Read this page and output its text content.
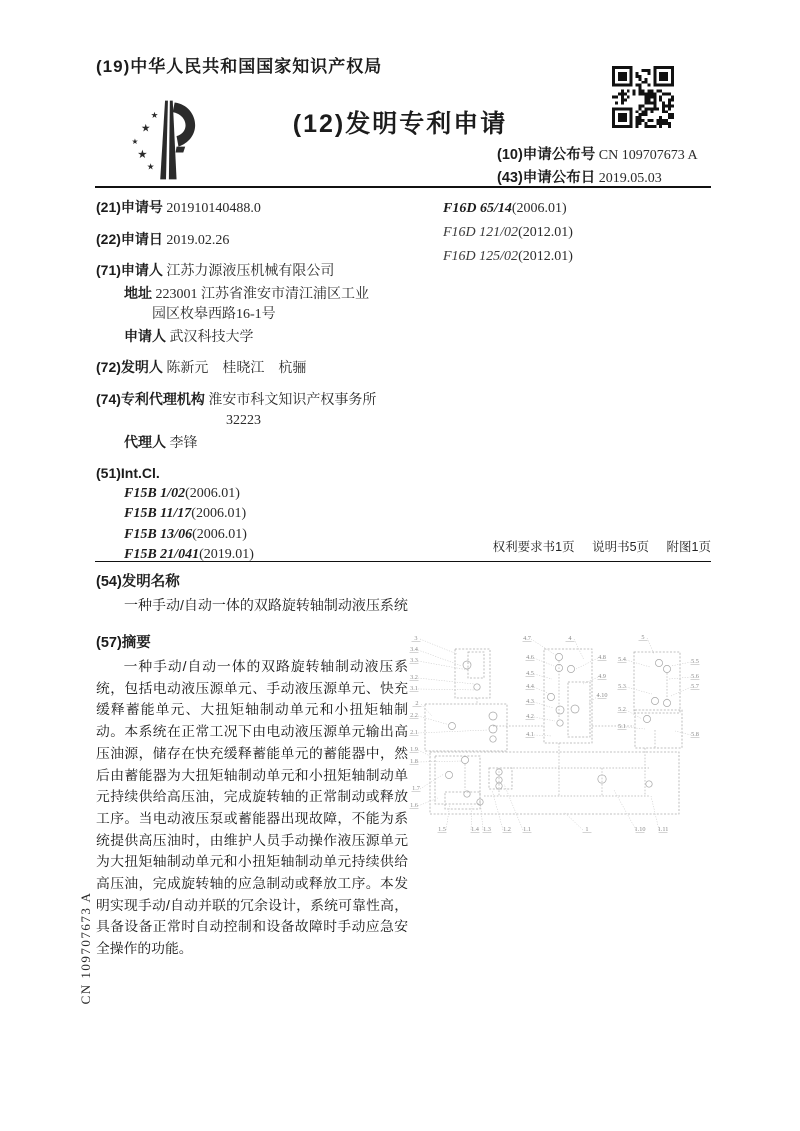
(19)中华人民共和国国家知识产权局
★
★
★
★
★
(12)发明专利申请
(10)申请公布号 CN 109707673 A
(43)申请公布日 2019.05.03
(21)申请号 201910140488.0
(22)申请日 2019.02.26
(71)申请人 江苏力源液压机械有限公司
地址 223001 江苏省淮安市清江浦区工业
园区枚皋西路16-1号
申请人 武汉科技大学
(72)发明人 陈新元　桂晓江　杭骊
(74)专利代理机构 淮安市科文知识产权事务所
32223
代理人 李锋
(51)Int.Cl.
F15B 1/02(2006.01)
F15B 11/17(2006.01)
F15B 13/06(2006.01)
F15B 21/041(2019.01)
F16D 65/14(2006.01)
F16D 121/02(2012.01)
F16D 125/02(2012.01)
权利要求书1页 说明书5页 附图1页
(54)发明名称
一种手动/自动一体的双路旋转轴制动液压系统
(57)摘要
一种手动/自动一体的双路旋转轴制动液压系统，包括电动液压源单元、手动液压源单元、快充缓释蓄能单元、大扭矩轴制动单元和小扭矩轴制动。本系统在正常工况下由电动液压源单元输出高压油源，储存在快充缓释蓄能单元的蓄能器中，然后由蓄能器为大扭矩轴制动单元和小扭矩轴制动单元持续供给高压油，完成旋转轴的正常制动或释放工序。当电动液压泵或蓄能器出现故障，不能为系统提供高压油时，由维护人员手动操作液压源单元为大扭矩轴制动单元和小扭矩轴制动单元持续供给高压油，完成旋转轴的应急制动或释放工序。本发明实现手动/自动并联的冗余设计，系统可靠性高，具备设备正常时自动控制和设备故障时手动应急安全操作的功能。
3
3.4
3.3
3.2
3.1
2
2.2
2.1
1.9
1.8
1.7
1.6
4.7	4	5
4.6
4.5
4.4
4.3
4.2
4.1
4.8
4.9
4.10
5.4
5.3
5.2
5.1
5.5
5.6
5.7
5.8
1.5	1.4 1.3 1.2 1.1	1	1.10 1.11
CN 109707673 A
